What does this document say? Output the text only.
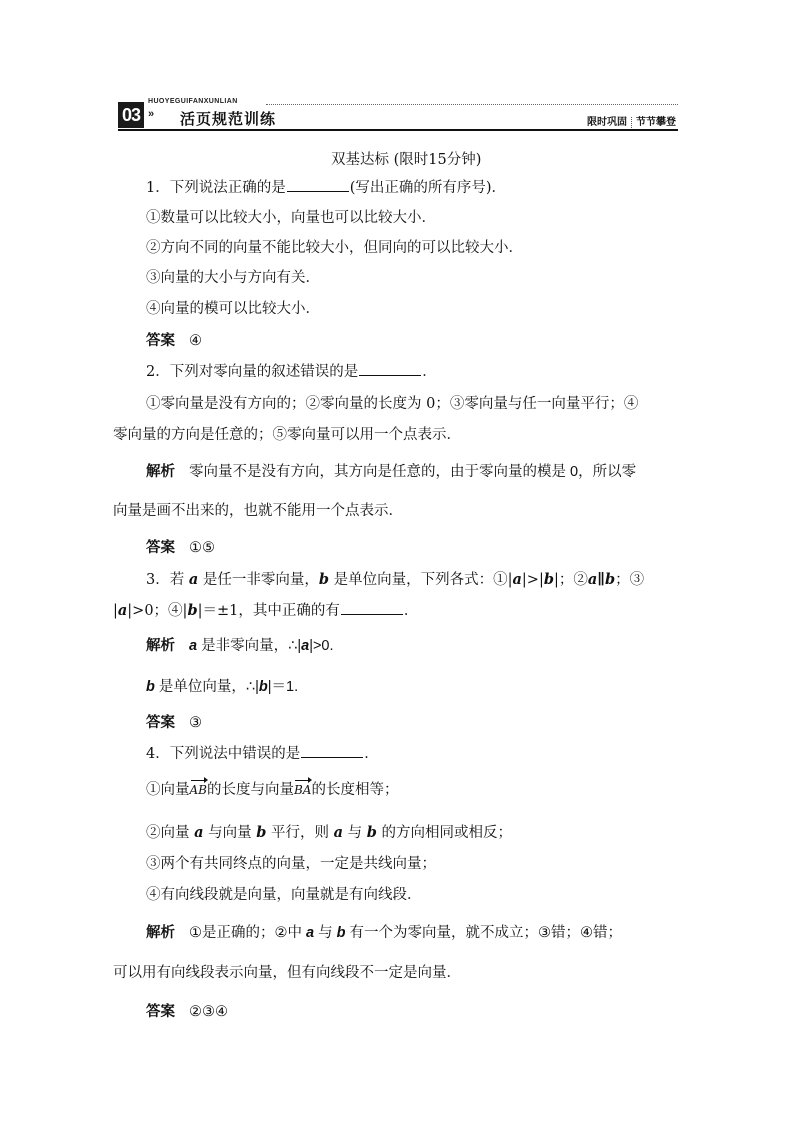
03
HUOYEGUIFANXUNLIAN
» 活页规范训练	限时巩固 节节攀登
双基达标 (限时15分钟)
1．下列说法正确的是	(写出正确的所有序号)．
①数量可以比较大小，向量也可以比较大小．
②方向不同的向量不能比较大小，但同向的可以比较大小．
③向量的大小与方向有关．
④向量的模可以比较大小．
答案 ④
2．下列对零向量的叙述错误的是	．
①零向量是没有方向的；②零向量的长度为 0；③零向量与任一向量平行；④
零向量的方向是任意的；⑤零向量可以用一个点表示．
解析 零向量不是没有方向，其方向是任意的，由于零向量的模是 0，所以零
向量是画不出来的，也就不能用一个点表示．
答案 ①⑤
3．若 a 是任一非零向量，b 是单位向量，下列各式：①|a|>|b|；②a∥b；③
|a|>0；④|b|＝±1，其中正确的有	．
解析 a 是非零向量，∴|a|>0.
b 是单位向量，∴|b|＝1.
答案 ③
4．下列说法中错误的是	．
①向量AB的长度与向量BA的长度相等；
②向量 a 与向量 b 平行，则 a 与 b 的方向相同或相反；
③两个有共同终点的向量，一定是共线向量；
④有向线段就是向量，向量就是有向线段．
解析 ①是正确的；②中 a 与 b 有一个为零向量，就不成立；③错；④错；
可以用有向线段表示向量，但有向线段不一定是向量．
答案 ②③④
